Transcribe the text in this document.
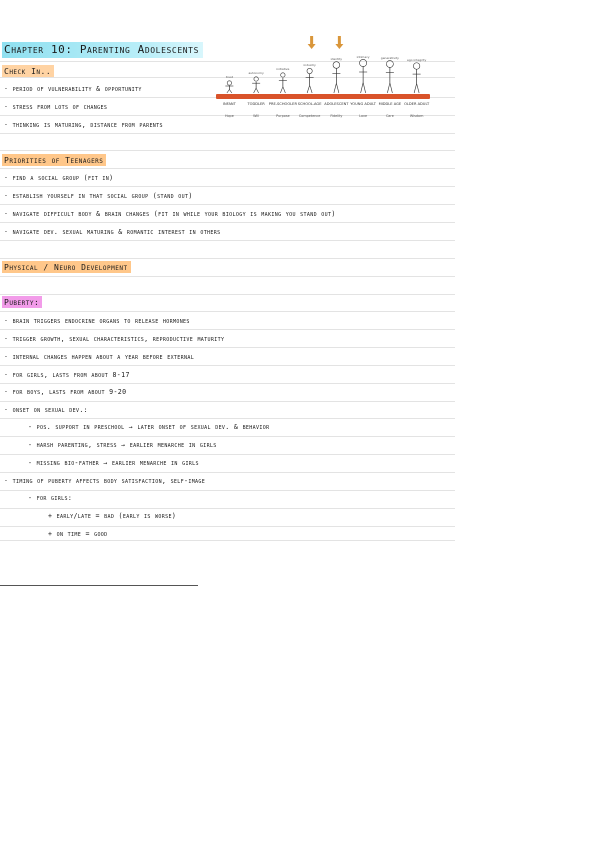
Chapter 10: Parenting Adolescents
Check In..
· period of vulnerability & opportunity
· stress from lots of changes
· thinking is maturing, distance from parents
Priorities of Teenagers
· find a social group (fit in)
· establish yourself in that social group (stand out)
· navigate difficult body & brain changes (fit in while your biology is making you stand out)
· navigate dev. sexual maturing & romantic interest in others
Physical / Neuro Development
Puberty:
· brain triggers endocrine organs to release hormones
· trigger growth, sexual characteristics, reproductive maturity
· internal changes happen about a year before external
· for girls, lasts from about 8-17
· for boys, lasts from about 9-20
· onset on sexual dev.:
- pos. support in preschool → later onset of sexual dev. & behavior
- harsh parenting, stress → earlier menarche in girls
- missing bio-father → earlier menarche in girls
· timing of puberty affects body satisfaction, self-image
- for girls:
+ early/late = bad (early is worse)
+ on time = good
INFANT	TODDLER PRE-SCHOOLER SCHOOL-AGE ADOLESCENT YOUNG ADULT MIDDLE AGE OLDER ADULT
Hope	Will	Purpose	Competence	Fidelity	Love	Care	Wisdom
trust
autonomy
initiative
industry
identity	intimacy	generativity	ego integrity
